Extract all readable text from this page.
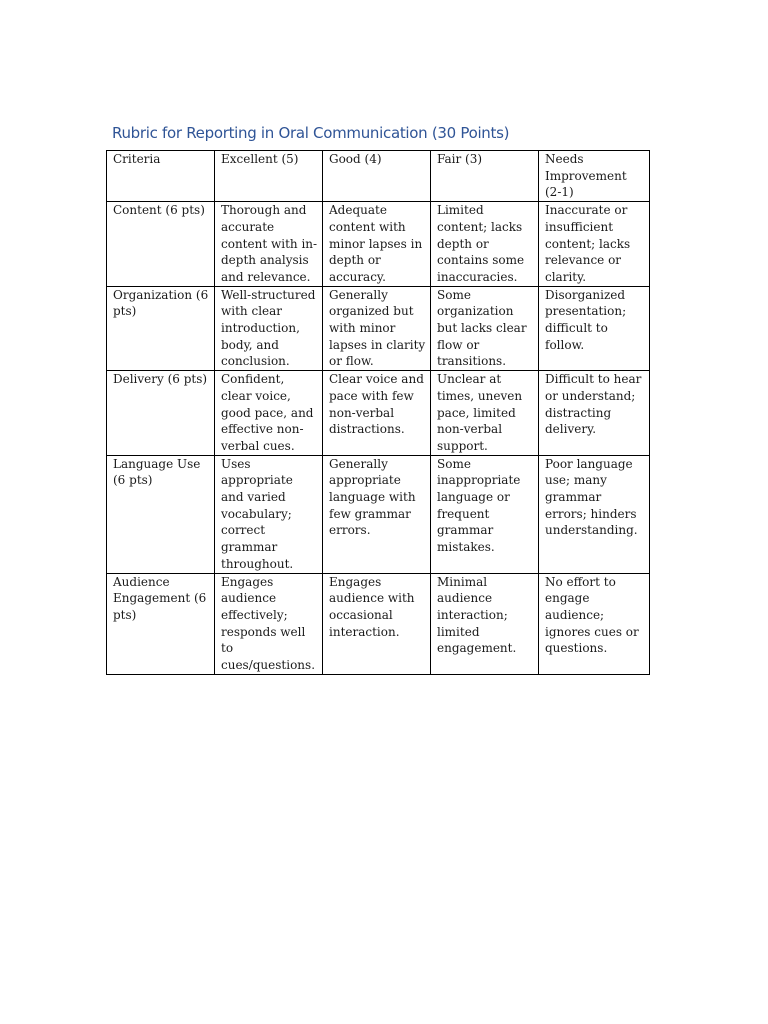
Rubric for Reporting in Oral Communication (30 Points)
Criteria	Excellent (5)	Good (4)	Fair (3)	Needs Improvement (2-1)
Content (6 pts)	Thorough and accurate content with in-depth analysis and relevance.	Adequate content with minor lapses in depth or accuracy.	Limited content; lacks depth or contains some inaccuracies.	Inaccurate or insufficient content; lacks relevance or clarity.
Organization (6 pts)	Well-structured with clear introduction, body, and conclusion.	Generally organized but with minor lapses in clarity or flow.	Some organization but lacks clear flow or transitions.	Disorganized presentation; difficult to follow.
Delivery (6 pts)	Confident, clear voice, good pace, and effective non-verbal cues.	Clear voice and pace with few non-verbal distractions.	Unclear at times, uneven pace, limited non-verbal support.	Difficult to hear or understand; distracting delivery.
Language Use (6 pts)	Uses appropriate and varied vocabulary; correct grammar throughout.	Generally appropriate language with few grammar errors.	Some inappropriate language or frequent grammar mistakes.	Poor language use; many grammar errors; hinders understanding.
Audience Engagement (6 pts)	Engages audience effectively; responds well to cues/questions.	Engages audience with occasional interaction.	Minimal audience interaction; limited engagement.	No effort to engage audience; ignores cues or questions.
